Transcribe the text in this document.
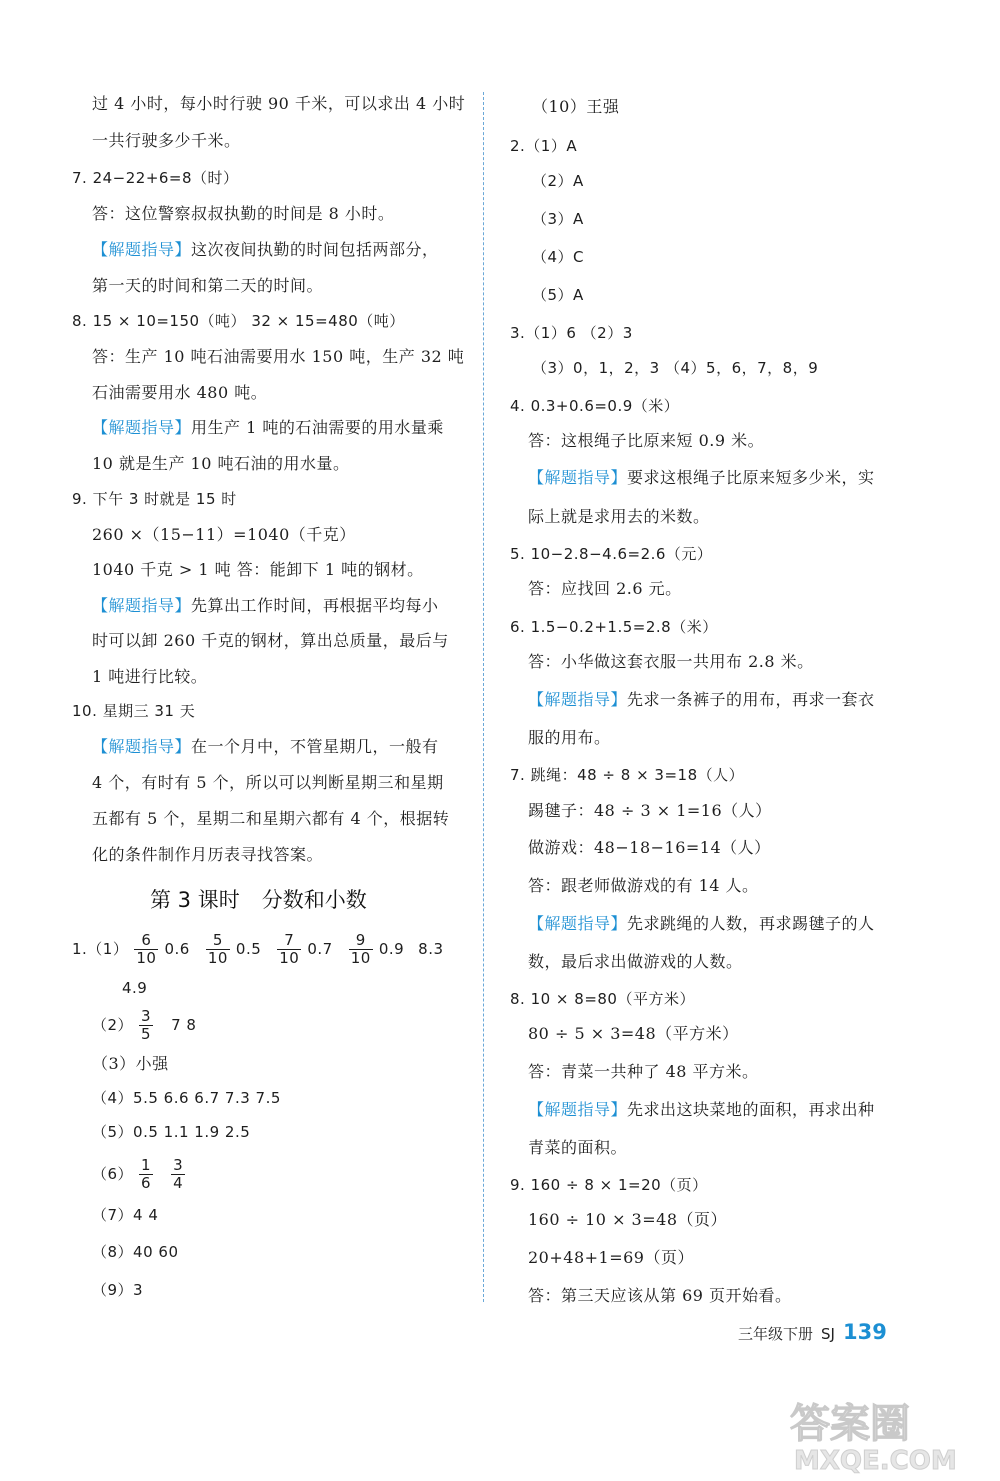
过 4 小时，每小时行驶 90 千米，可以求出 4 小时
一共行驶多少千米。
7. 24−22+6=8（时）
答：这位警察叔叔执勤的时间是 8 小时。
【解题指导】这次夜间执勤的时间包括两部分，
第一天的时间和第二天的时间。
8. 15 × 10=150（吨） 32 × 15=480（吨）
答：生产 10 吨石油需要用水 150 吨，生产 32 吨
石油需要用水 480 吨。
【解题指导】用生产 1 吨的石油需要的用水量乘
10 就是生产 10 吨石油的用水量。
9. 下午 3 时就是 15 时
260 ×（15−11）=1040（千克）
1040 千克 > 1 吨 答：能卸下 1 吨的钢材。
【解题指导】先算出工作时间，再根据平均每小
时可以卸 260 千克的钢材，算出总质量，最后与
1 吨进行比较。
10. 星期三 31 天
【解题指导】在一个月中，不管星期几，一般有
4 个，有时有 5 个，所以可以判断星期三和星期
五都有 5 个，星期二和星期六都有 4 个，根据转
化的条件制作月历表寻找答案。
$1.(1) \frac{6}{10} 0.6 \frac{5}{10} 0.5 \frac{7}{10} 0.7 \frac{9}{10} 0.9$ 8.3
4.9
$(2) \frac{3}{5} 7$ 8
（3）小强
（4）5.5 6.6 6.7 7.3 7.5
（5）0.5 1.1 1.9 2.5
$(6) \frac{1}{6} \frac{3}{4}$
（7）4 4
（8）40 60
（9）3
第 3 课时 分数和小数
（10）王强
2.（1）A
（2）A
（3）A
（4）C
（5）A
3.（1）6 （2）3
（3）0，1，2，3 （4）5，6，7，8，9
4. 0.3+0.6=0.9（米）
答：这根绳子比原来短 0.9 米。
【解题指导】要求这根绳子比原来短多少米，实
际上就是求用去的米数。
5. 10−2.8−4.6=2.6（元）
答：应找回 2.6 元。
6. 1.5−0.2+1.5=2.8（米）
答：小华做这套衣服一共用布 2.8 米。
【解题指导】先求一条裤子的用布，再求一套衣
服的用布。
7. 跳绳：48 ÷ 8 × 3=18（人）
踢毽子：48 ÷ 3 × 1=16（人）
做游戏：48−18−16=14（人）
答：跟老师做游戏的有 14 人。
【解题指导】先求跳绳的人数，再求踢毽子的人
数，最后求出做游戏的人数。
8. 10 × 8=80（平方米）
80 ÷ 5 × 3=48（平方米）
答：青菜一共种了 48 平方米。
【解题指导】先求出这块菜地的面积，再求出种
青菜的面积。
9. 160 ÷ 8 × 1=20（页）
160 ÷ 10 × 3=48（页）
20+48+1=69（页）
答：第三天应该从第 69 页开始看。
三年级下册 SJ 139
答案圈
MXQE.COM
